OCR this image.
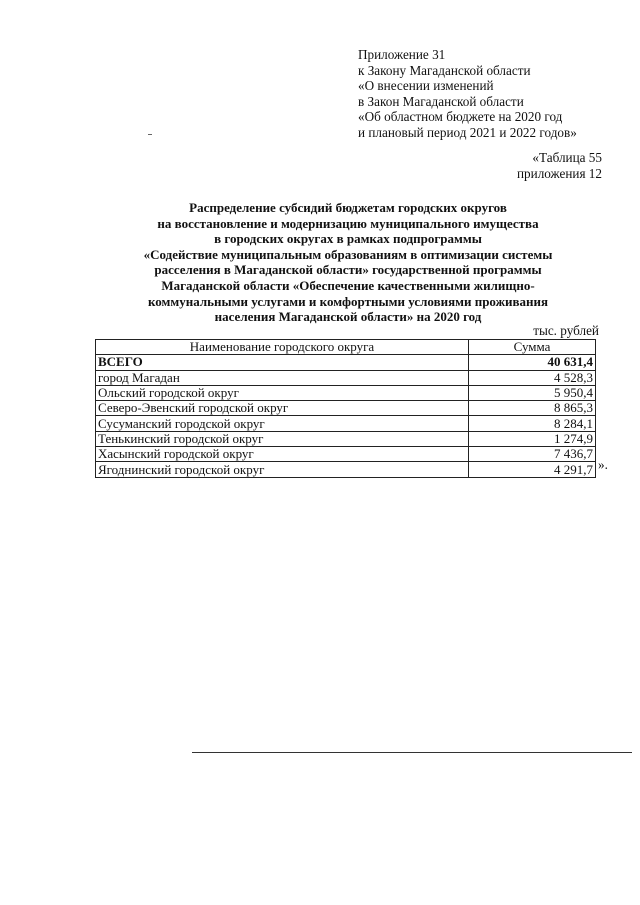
Приложение 31
к Закону Магаданской области
«О внесении изменений
в Закон Магаданской области
«Об областном бюджете на 2020 год
и плановый период 2021 и 2022 годов»
«Таблица 55
приложения 12
Распределение субсидий бюджетам городских округов
на восстановление и модернизацию муниципального имущества
в городских округах в рамках подпрограммы
«Содействие муниципальным образованиям в оптимизации системы
расселения в Магаданской области» государственной программы
Магаданской области «Обеспечение качественными жилищно-
коммунальными услугами и комфортными условиями проживания
населения Магаданской области» на 2020 год
тыс. рублей
Наименование городского округа	Сумма
ВСЕГО	40 631,4
город Магадан	4 528,3
Ольский городской округ	5 950,4
Северо-Эвенский городской округ	8 865,3
Сусуманский городской округ	8 284,1
Тенькинский городской округ	1 274,9
Хасынский городской округ	7 436,7
Ягоднинский городской округ	4 291,7 ».
